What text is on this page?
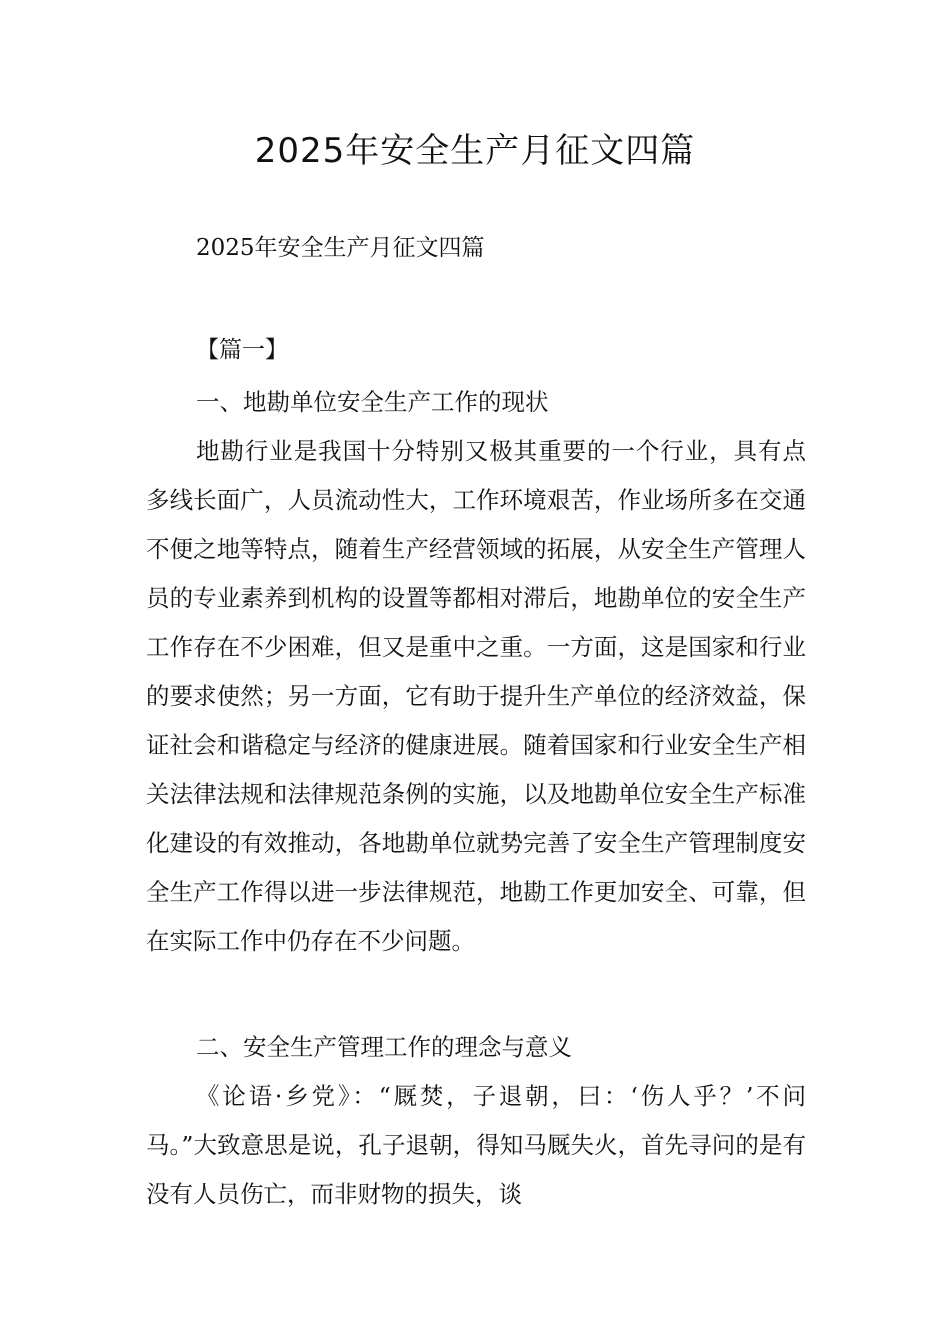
2025年安全生产月征文四篇

2025年安全生产月征文四篇

【篇一】

一、地勘单位安全生产工作的现状

地勘行业是我国十分特别又极其重要的一个行业，具有点多线长面广，人员流动性大，工作环境艰苦，作业场所多在交通不便之地等特点，随着生产经营领域的拓展，从安全生产管理人员的专业素养到机构的设置等都相对滞后，地勘单位的安全生产工作存在不少困难，但又是重中之重。一方面，这是国家和行业的要求使然；另一方面，它有助于提升生产单位的经济效益，保证社会和谐稳定与经济的健康进展。随着国家和行业安全生产相关法律法规和法律规范条例的实施，以及地勘单位安全生产标准化建设的有效推动，各地勘单位就势完善了安全生产管理制度安全生产工作得以进一步法律规范，地勘工作更加安全、可靠，但在实际工作中仍存在不少问题。

二、安全生产管理工作的理念与意义

《论语·乡党》：“厩焚，子退朝，曰：‘伤人乎？’不问马。”大致意思是说，孔子退朝，得知马厩失火，首先寻问的是有没有人员伤亡，而非财物的损失，谈
